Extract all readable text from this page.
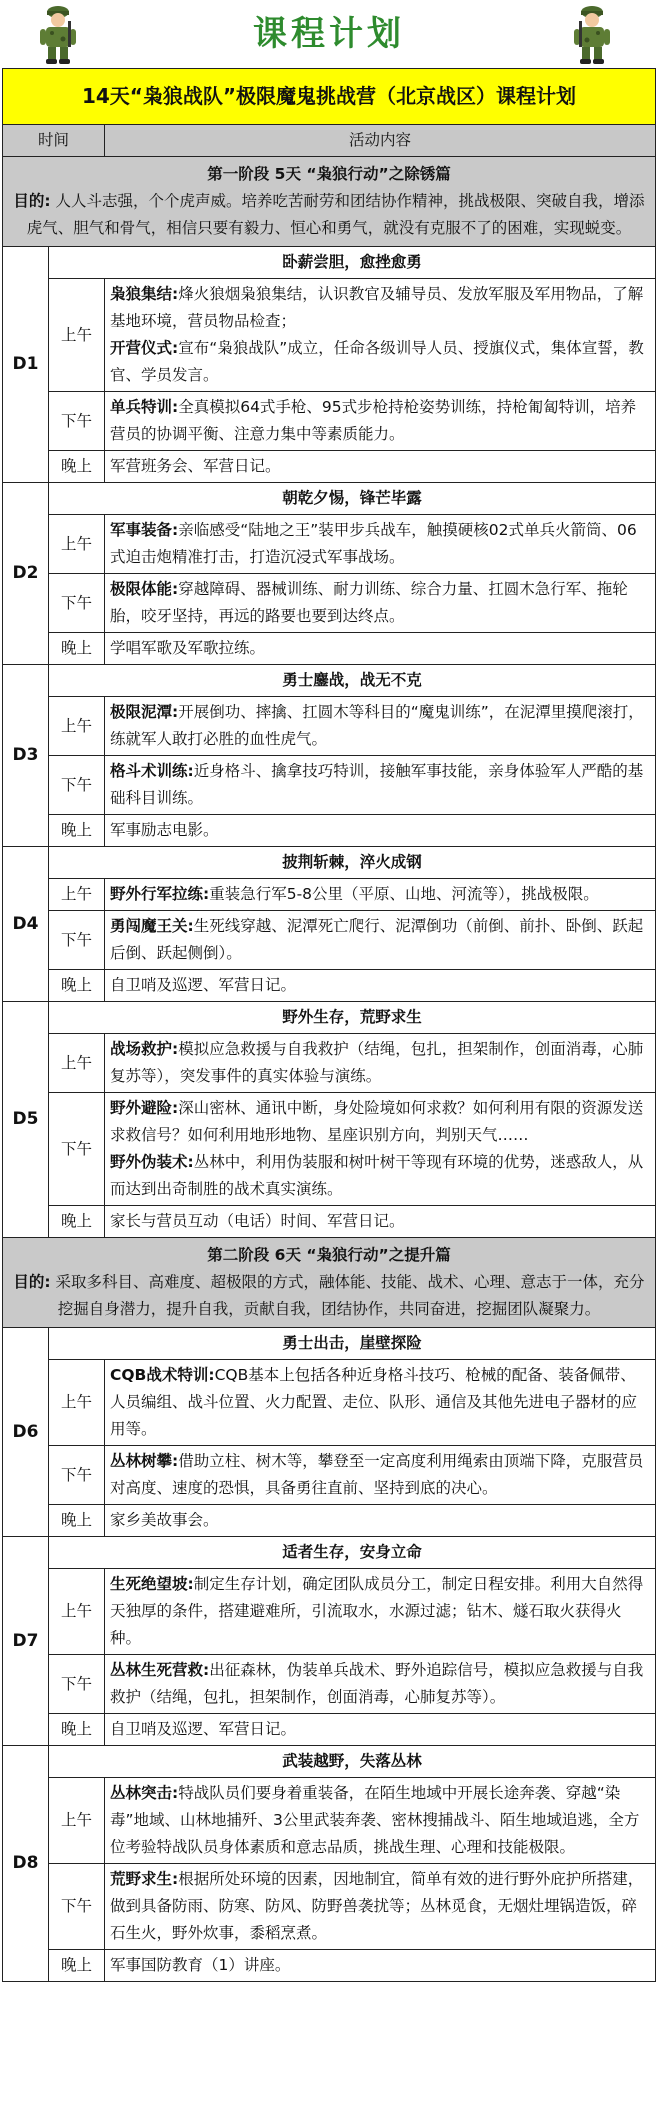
课程计划
14天“枭狼战队”极限魔鬼挑战营（北京战区）课程计划		
时间		活动内容

第一阶段 5天 “枭狼行动”之除锈篇
目的: 人人斗志强，个个虎声威。培养吃苦耐劳和团结协作精神，挑战极限、突破自我，增添虎气、胆气和骨气，相信只要有毅力、恒心和勇气，就没有克服不了的困难，实现蜕变。		

D1	卧薪尝胆，愈挫愈勇	
	上午	枭狼集结:烽火狼烟枭狼集结，认识教官及辅导员、发放军服及军用物品，了解基地环境，营员物品检查；

开营仪式:宣布“枭狼战队”成立，任命各级训导人员、授旗仪式，集体宣誓，教官、学员发言。

	下午	单兵特训:全真模拟64式手枪、95式步枪持枪姿势训练，持枪匍匐特训，培养营员的协调平衡、注意力集中等素质能力。

	晚上	军营班务会、军营日记。
D2	朝乾夕惕，锋芒毕露	
	上午	军事装备:亲临感受“陆地之王”装甲步兵战车，触摸硬核02式单兵火箭筒、06式迫击炮精准打击，打造沉浸式军事战场。

	下午	极限体能:穿越障碍、器械训练、耐力训练、综合力量、扛圆木急行军、拖轮胎，咬牙坚持，再远的路要也要到达终点。

	晚上	学唱军歌及军歌拉练。
D3	勇士鏖战，战无不克	
	上午	极限泥潭:开展倒功、摔擒、扛圆木等科目的“魔鬼训练”，在泥潭里摸爬滚打，练就军人敢打必胜的血性虎气。

	下午	格斗术训练:近身格斗、擒拿技巧特训，接触军事技能，亲身体验军人严酷的基础科目训练。

	晚上	军事励志电影。
D4	披荆斩棘，淬火成钢	
	上午	野外行军拉练:重装急行军5-8公里（平原、山地、河流等），挑战极限。

	下午	勇闯魔王关:生死线穿越、泥潭死亡爬行、泥潭倒功（前倒、前扑、卧倒、跃起后倒、跃起侧倒）。

	晚上	自卫哨及巡逻、军营日记。
D5	野外生存，荒野求生	
	上午	战场救护:模拟应急救援与自我救护（结绳，包扎，担架制作，创面消毒，心肺复苏等），突发事件的真实体验与演练。

	下午	野外避险:深山密林、通讯中断，身处险境如何求救？如何利用有限的资源发送求救信号？如何利用地形地物、星座识别方向，判别天气……

野外伪装术:丛林中，利用伪装服和树叶树干等现有环境的优势，迷惑敌人，从而达到出奇制胜的战术真实演练。

	晚上	家长与营员互动（电话）时间、军营日记。

第二阶段 6天 “枭狼行动”之提升篇
目的: 采取多科目、高难度、超极限的方式，融体能、技能、战术、心理、意志于一体，充分挖掘自身潜力，提升自我，贡献自我，团结协作，共同奋进，挖掘团队凝聚力。		

D6	勇士出击，崖壁探险	
	上午	CQB战术特训:CQB基本上包括各种近身格斗技巧、枪械的配备、装备佩带、人员编组、战斗位置、火力配置、走位、队形、通信及其他先进电子器材的应用等。

	下午	丛林树攀:借助立柱、树木等，攀登至一定高度利用绳索由顶端下降，克服营员对高度、速度的恐惧，具备勇往直前、坚持到底的决心。

	晚上	家乡美故事会。
D7	适者生存，安身立命	
	上午	生死绝望坡:制定生存计划，确定团队成员分工，制定日程安排。利用大自然得天独厚的条件，搭建避难所，引流取水，水源过滤；钻木、燧石取火获得火种。

	下午	丛林生死营救:出征森林，伪装单兵战术、野外追踪信号，模拟应急救援与自我救护（结绳，包扎，担架制作，创面消毒，心肺复苏等）。

	晚上	自卫哨及巡逻、军营日记。
D8	武装越野，失落丛林	
	上午	丛林突击:特战队员们要身着重装备，在陌生地域中开展长途奔袭、穿越“染毒”地域、山林地捕歼、3公里武装奔袭、密林搜捕战斗、陌生地域追逃，全方位考验特战队员身体素质和意志品质，挑战生理、心理和技能极限。

	下午	荒野求生:根据所处环境的因素，因地制宜，简单有效的进行野外庇护所搭建，做到具备防雨、防寒、防风、防野兽袭扰等；丛林觅食，无烟灶埋锅造饭，碎石生火，野外炊事，黍稻烹煮。

	晚上	军事国防教育（1）讲座。
